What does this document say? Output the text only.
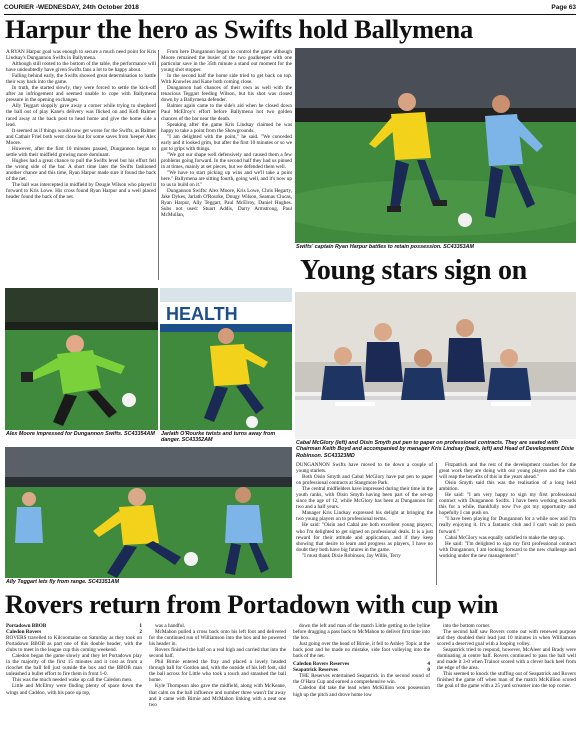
COURIER -WEDNESDAY, 24th October 2018	Page 63
Harpur the hero as Swifts hold Ballymena

A RYAN Harpur goal was enough to secure a much need point for Kris Lindsay's Dungannon Swifts in Ballymena.

Although still rooted to the bottom of the table, the performance will have undoubtedly have given Swifts fans a lot to be happy about.

Falling behind early, the Swifts showed great determination to battle their way back into the game.

In truth, the started slowly, they were forced to settle the kick-off after an infringement and seemed unable to cope with Ballymena pressure in the opening exchanges.

Ally Teggart sloppily gave away a corner while trying to shepherd the ball out of play Kane's delivery was flicked on and Kofi Balmer raced away at the back post to head home and give the home side a lead.

It seemed as if things would now get worse for the Swifts, as Balmer and Cathair Friel both went close but for some saves from 'keeper Alex Moore.

However, after the first 10 minutes passed, Dungannon began to settle with their midfield growing more dominant.

Hughes had a great chance to pull the Swifts level but his effort fell the wrong side of the bar. A short time later the Swifts fashioned another chance and this time, Ryan Harpur made sure it found the back of the net.

The ball was intercepted in midfield by Dougie Wilson who played it forward to Kris Lowe. His cross found Ryan Harpur and a well placed header found the back of the net.

From here Dungannon began to control the game although Moore remained the busier of the two goalkeeper with one particular save in the 35th minute a stand out moment for the young shot stopper.

In the second half the home side tried to get back on top. With Knowles and Kane both coming close.

Dungannon had chances of their own as well with the tenacious Teggart feeding Wilson, but his shot was closed down by a Ballymena defender.

Balmer again came to the side's aid when he closed down Paul McElroy's effort before Ballymena hot two golden chances of the bar near the death.

Speaking after the game Kris Lindsay claimed he was happy to take a point from the Showgrounds.

"I am delighted with the point," he said. "We conceded early and it looked grim, but after the first 10 minutes or so we got to grips with things.

"We got our shape well defensively and caused them a few problems going forward. In the second half they had us pinned in at times, mainly at set pieces, but we defended them well.

"We have to start picking up wins and we'll take a point here." Ballymena are sitting fourth, going well, and it's now up to us to build on it."

Dungannon Swifts: Alex Moore, Kris Lowe, Chris Hegarty, Jake Dykes, Jarlath O'Rourke, Dougy Wilson, Seamas Clucas, Ryan Harpur, Ally Teggart, Paul McElroy, Daniel Hughes. Subs not used: Stuart Addis, Darry Armstrong, Paul McMullan,

Swifts' captain Ryan Harpur battles to retain possession. SC43353AM
Young stars sign on
HEALTH
Alex Moore impressed for Dungannon Swifts. SC43354AM Jarlath O'Rourke twists and turns away from danger. SC43352AM
Ally Teggart lets fly from range. SC43351AM
Cabal McGlory (left) and Oisin Smyth put pen to paper on professional contracts. They are seated with Chairman Keith Boyd and accompanied by manager Kris Lindsay (back, left) and Head of Development Dixie Robinson. SC43323MD

DUNGANNON Swifts have moved to tie down a couple of young starlets.

Both Oisin Smyth and Cabal McGlory have put pen to paper on professional contracts at Stangmore Park.

The central midfielders have impressed during their time in the youth ranks, with Oisin Smyth having been part of the set-up since the age of 12, while McGlory has been at Dungannon for two and a half years.

Manager Kris Lindsay expressed his delight at bringing the two young players on to professional terms.

He said: "Oisin and Cabal are both excellent young players, who I'm delighted to get signed on professional deals. It is a just reward for their attitude and application, and if they keep showing that desire to learn and progress as players, I have no doubt they both have big futures in the game.

"I must thank Dixie Robinson, Jay Willis, Terry

Fitzpatrick and the rest of the development coaches for the great work they are doing with our young players and the club will reap the benefits of this in the years ahead."

Oisin Smyth said this was the realisation of a long held ambition.

He said: "I am very happy to sign my first professional contract with Dungannon Swifts. I have been working towards this for a while, thankfully now I've got my opportunity and hopefully I can push on.

"I have been playing for Dungannon for a while now and I'm really enjoying it. It's a fantastic club and I can't wait to push forward."

Cabal McGlory was equally satisfied to make the step up.

He said: "I'm delighted to sign my first professional contract with Dungannon, I am looking forward to the new challenge and working under the new management!"

Rovers return from Portadown with cup win

Portadown BBOB	1

Caledon Rovers	2

ROVERS travelled to Kilcoomaine on Saturday as they took on Portadown BBOB as part one of this double header, with the clubs to meet in the league cup this coming weekend.

Caledon began the game slowly and they let Portadown play in the majority of the first 15 minutes and it cost as from a ricochet the ball fell just outside the box and the BBOB man unleashed a bullet effort to fire them in front 1-0.

This was the much needed wake up call the Caledon men.

Little and McElroy were finding plenty of space down the wings and Caddoo, with his pace up top,

was a handful.

McMahon pulled a cross back onto his left foot and delivered for the continued run of Williamson into the box and he powered his header in.

Rovers finished the half on a real high and carried that into the second half.

Phil Birnie entered the fray and placed a lovely headed through ball for Gordon and, with the outside of his left foot, slid the ball across for Little who took a touch and smashed the ball home.

Kyle Thompson also gave the midfield, along with McKeane, that calm on the ball influence and number three wasn't far away and it came with Birnie and McMahon linking with a neat one two

down the left and man of the match Little getting to the byline before dragging a pass back to McMahon to deliver first time into the box.

Just going over the head of Birnie, it fell to Ashley Topic at the back post and he made no mistake, side foot volleying into the back of the net.

Caledon Rovers Reserves	4

Seapatrick Reserves	0

THE Reserves entertained Seapatrick in the second round of the O'Hara Cup and earned a comprehensive win.

Caledon did take the lead when McKillion won possession high up the pitch and drove home low

into the bottom corner.

The second half saw Rovers come out with renewed purpose and they doubled their lead just 10 minutes in when Williamson scored a deserved goal with a looping volley.

Seapatrick tried to respond, however, McAleer and Brady were dominating at centre half. Rovers continued to pass the ball well and made it 3-0 when Trainor scored with a clever back heel from the edge of the area.

This seemed to knock the stuffing out of Seapatrick and Rovers finished the game off when man of the match McKillion scored the goal of the game with a 25 yard screamer into the top corner.
